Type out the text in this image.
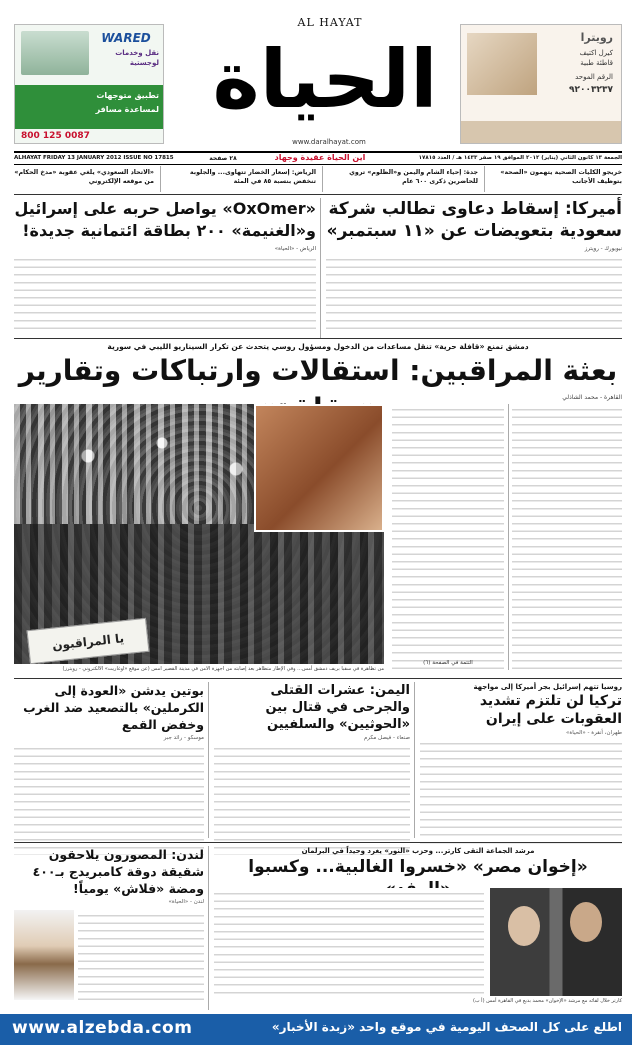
WARED
نقل وخدمات
لوجستية
تطبيق متوجهات
لمساعدة مسافر
800 125 0087
AL HAYAT
الحياة
www.daralhayat.com
رويترا
كيرل اكتيف
قاطئة طبية
الرقم الموحد
٩٢٠٠٣٢٣٧
ALHAYAT FRIDAY 13 JANUARY 2012 ISSUE NO 17815	اين الحياة عقيدة وجهاد
٢٨ صفحة	الجمعة ١٣ كانون الثاني (يناير) ٢٠١٢ الموافق ١٩ صفر ١٤٣٣ هـ / العدد ١٧٨١٥
«الاتحاد السعودي» يلغي عقوبة «مدخ الحكام» من موقعه الإلكتروني
الرياض: إسعار الخضار تتهاوى... والجلوبة تنخفض بنسبة ٨٥ في المئة
جدة: إحياء الشام واليمن و«الظلوم» تروي للحاضرين ذكرى ٦٠٠ عام
خريجو الكليات الصحية يتهمون «الصحة» بتوظيف الأجانب
أميركا: إسقاط دعاوى تطالب شركة
سعودية بتعويضات عن «١١ سبتمبر»
نيويورك - رويترز
«OxOmer» يواصل حربه على إسرائيل
و«الغنيمة» ٢٠٠ بطاقة ائتمانية جديدة!
الرياض - «الحياة»
دمشق تمنع «قافلة حرية» تنقل مساعدات من الدخول ومسؤول روسي يتحدث عن تكرار السيناريو الليبي في سورية
بعثة المراقبين: استقالات وارتباكات وتقارير
القاهرة - محمد الشاذلي
يا المراقبون
من تظاهرة في سقبا بريف دمشق أمس... وفي الإطار متظاهر بعد إصابته من اجهزة الامن في مدينة القصير امس (عن موقع «اوغاريت» الالكتروني - رويترز)
التتمة في الصفحة (٦)
روسيا تتهم إسرائيل بجر أميركا إلى مواجهة
تركيا لن تلتزم تشديد العقوبات على إيران
طهران، أنقرة - «الحياة»
اليمن: عشرات القتلى والجرحى في قتال بين «الحوثيين» والسلفيين
صنعاء - فيصل مكرم
بوتين يدشن «العودة إلى الكرملين» بالتصعيد ضد الغرب وخفض القمع
موسكو - رائد جبر
مرشد الجماعة التقى كارتر... وحزب «النور» يغرد وحيداً في البرلمان
«إخوان مصر» «خسروا الغالبية... وكسبوا
كارتر خلال لقائه مع مرشد «الإخوان» محمد بديع في القاهرة أمس (أ ب)
لندن: المصورون يلاحقون شقيقة دوقة كامبريدج بـ٤٠٠ ومضة «فلاش» يومياً!
لندن - «الحياة»
www.alzebda.com	اطلع على كل الصحف اليومية في موقع واحد «زبدة الأخبار»
